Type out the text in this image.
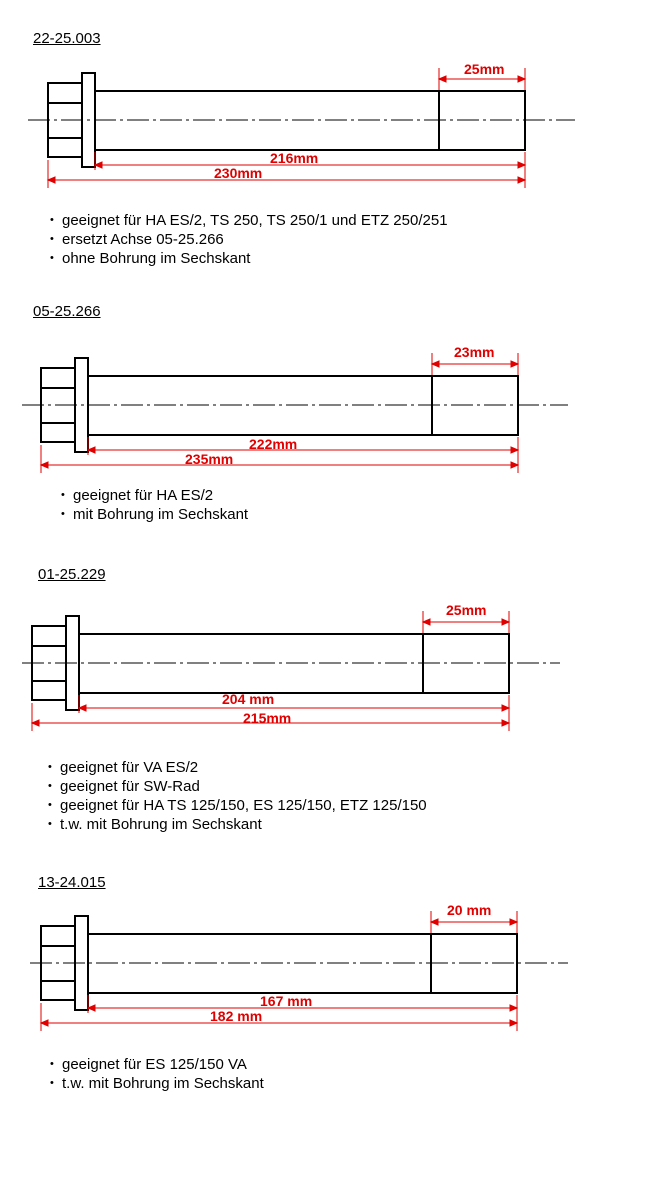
22-25.003
25mm
216mm
230mm
• geeignet für HA ES/2, TS 250, TS 250/1 und ETZ 250/251
• ersetzt Achse 05-25.266
• ohne Bohrung im Sechskant
05-25.266
23mm
222mm
235mm
• geeignet für HA ES/2
• mit Bohrung im Sechskant
01-25.229
25mm
204 mm
215mm
• geeignet für VA ES/2
• geeignet für SW-Rad
• geeignet für HA TS 125/150, ES 125/150, ETZ 125/150
• t.w. mit Bohrung im Sechskant
13-24.015
20 mm
167 mm
182 mm
• geeignet für ES 125/150 VA
• t.w. mit Bohrung im Sechskant
